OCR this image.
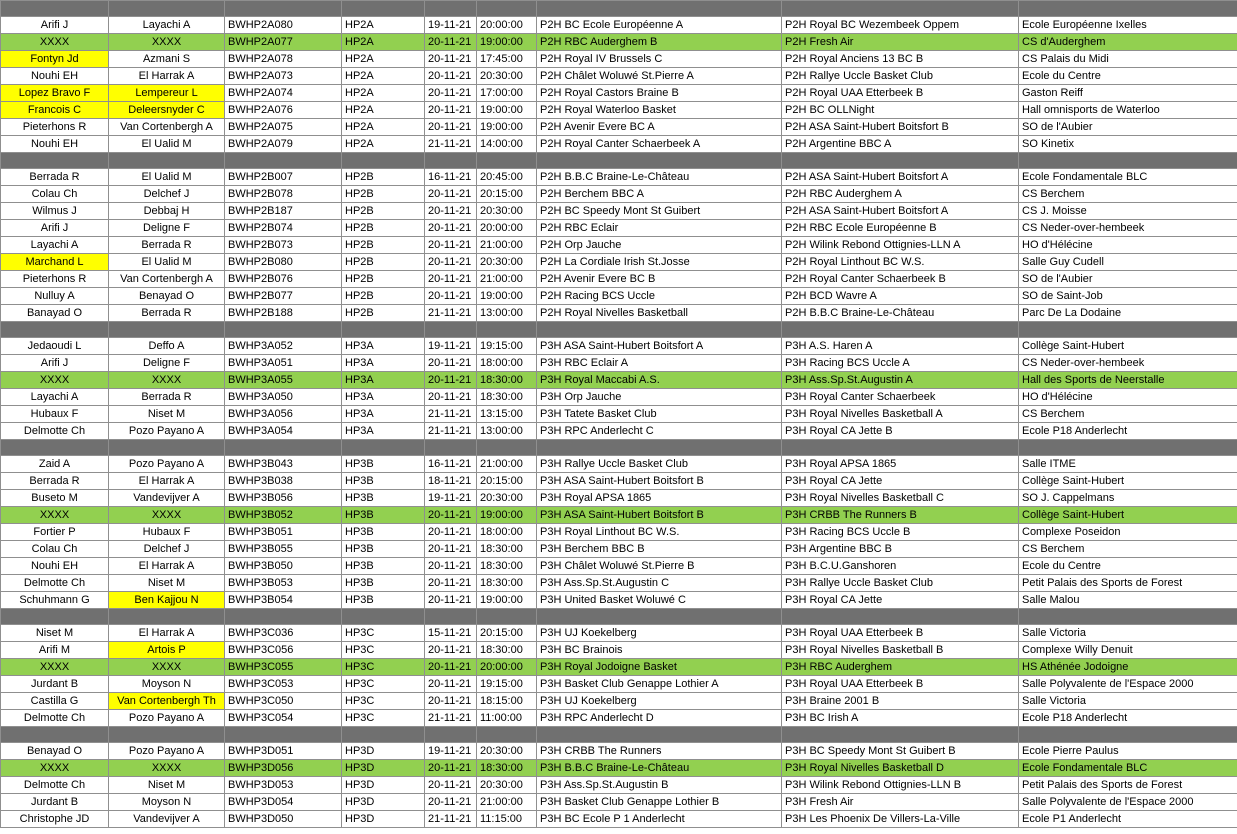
Arifi J	Layachi A	BWHP2A080	HP2A	19-11-21	20:00:00	P2H BC Ecole Européenne A	P2H Royal BC Wezembeek Oppem	Ecole Européenne Ixelles
XXXX	XXXX	BWHP2A077	HP2A	20-11-21	19:00:00	P2H RBC Auderghem B	P2H Fresh Air	CS d'Auderghem
Fontyn Jd	Azmani S	BWHP2A078	HP2A	20-11-21	17:45:00	P2H Royal IV Brussels C	P2H Royal Anciens 13 BC B	CS Palais du Midi
Nouhi EH	El Harrak A	BWHP2A073	HP2A	20-11-21	20:30:00	P2H Châlet Woluwé St.Pierre A	P2H Rallye Uccle Basket Club	Ecole du Centre
Lopez Bravo F	Lempereur L	BWHP2A074	HP2A	20-11-21	17:00:00	P2H Royal Castors Braine B	P2H Royal UAA Etterbeek B	Gaston Reiff
Francois C	Deleersnyder C	BWHP2A076	HP2A	20-11-21	19:00:00	P2H Royal Waterloo Basket	P2H BC OLLNight	Hall omnisports de Waterloo
Pieterhons R	Van Cortenbergh A	BWHP2A075	HP2A	20-11-21	19:00:00	P2H Avenir Evere BC A	P2H ASA Saint-Hubert Boitsfort B	SO de l'Aubier
Nouhi EH	El Ualid M	BWHP2A079	HP2A	21-11-21	14:00:00	P2H Royal Canter Schaerbeek A	P2H Argentine BBC A	SO Kinetix

Berrada R	El Ualid M	BWHP2B007	HP2B	16-11-21	20:45:00	P2H B.B.C Braine-Le-Château	P2H ASA Saint-Hubert Boitsfort A	Ecole Fondamentale BLC
Colau Ch	Delchef J	BWHP2B078	HP2B	20-11-21	20:15:00	P2H Berchem BBC A	P2H RBC Auderghem A	CS Berchem
Wilmus J	Debbaj H	BWHP2B187	HP2B	20-11-21	20:30:00	P2H BC Speedy Mont St Guibert	P2H ASA Saint-Hubert Boitsfort A	CS J. Moisse
Arifi J	Deligne F	BWHP2B074	HP2B	20-11-21	20:00:00	P2H RBC Eclair	P2H RBC Ecole Européenne B	CS Neder-over-hembeek
Layachi A	Berrada R	BWHP2B073	HP2B	20-11-21	21:00:00	P2H Orp Jauche	P2H Wilink Rebond Ottignies-LLN A	HO d'Hélécine
Marchand L	El Ualid M	BWHP2B080	HP2B	20-11-21	20:30:00	P2H La Cordiale Irish St.Josse	P2H Royal Linthout BC W.S.	Salle Guy Cudell
Pieterhons R	Van Cortenbergh A	BWHP2B076	HP2B	20-11-21	21:00:00	P2H Avenir Evere BC B	P2H Royal Canter Schaerbeek B	SO de l'Aubier
Nulluy A	Benayad O	BWHP2B077	HP2B	20-11-21	19:00:00	P2H Racing BCS Uccle	P2H BCD Wavre A	SO de Saint-Job
Banayad O	Berrada R	BWHP2B188	HP2B	21-11-21	13:00:00	P2H Royal Nivelles Basketball	P2H B.B.C Braine-Le-Château	Parc De La Dodaine

Jedaoudi L	Deffo A	BWHP3A052	HP3A	19-11-21	19:15:00	P3H ASA Saint-Hubert Boitsfort A	P3H A.S. Haren A	Collège Saint-Hubert
Arifi J	Deligne F	BWHP3A051	HP3A	20-11-21	18:00:00	P3H RBC Eclair A	P3H Racing BCS Uccle A	CS Neder-over-hembeek
XXXX	XXXX	BWHP3A055	HP3A	20-11-21	18:30:00	P3H Royal Maccabi A.S.	P3H Ass.Sp.St.Augustin A	Hall des Sports de Neerstalle
Layachi A	Berrada R	BWHP3A050	HP3A	20-11-21	18:30:00	P3H Orp Jauche	P3H Royal Canter Schaerbeek	HO d'Hélécine
Hubaux F	Niset M	BWHP3A056	HP3A	21-11-21	13:15:00	P3H Tatete Basket Club	P3H Royal Nivelles Basketball A	CS Berchem
Delmotte Ch	Pozo Payano A	BWHP3A054	HP3A	21-11-21	13:00:00	P3H RPC Anderlecht C	P3H Royal CA Jette B	Ecole P18 Anderlecht

Zaid A	Pozo Payano A	BWHP3B043	HP3B	16-11-21	21:00:00	P3H Rallye Uccle Basket Club	P3H Royal APSA 1865	Salle ITME
Berrada R	El Harrak A	BWHP3B038	HP3B	18-11-21	20:15:00	P3H ASA Saint-Hubert Boitsfort B	P3H Royal CA Jette	Collège Saint-Hubert
Buseto M	Vandevijver A	BWHP3B056	HP3B	19-11-21	20:30:00	P3H Royal APSA 1865	P3H Royal Nivelles Basketball C	SO J. Cappelmans
XXXX	XXXX	BWHP3B052	HP3B	20-11-21	19:00:00	P3H ASA Saint-Hubert Boitsfort B	P3H CRBB The Runners B	Collège Saint-Hubert
Fortier P	Hubaux F	BWHP3B051	HP3B	20-11-21	18:00:00	P3H Royal Linthout BC W.S.	P3H Racing BCS Uccle B	Complexe Poseidon
Colau Ch	Delchef J	BWHP3B055	HP3B	20-11-21	18:30:00	P3H Berchem BBC B	P3H Argentine BBC B	CS Berchem
Nouhi EH	El Harrak A	BWHP3B050	HP3B	20-11-21	18:30:00	P3H Châlet Woluwé St.Pierre B	P3H B.C.U.Ganshoren	Ecole du Centre
Delmotte Ch	Niset M	BWHP3B053	HP3B	20-11-21	18:30:00	P3H Ass.Sp.St.Augustin C	P3H Rallye Uccle Basket Club	Petit Palais des Sports de Forest
Schuhmann G	Ben Kajjou N	BWHP3B054	HP3B	20-11-21	19:00:00	P3H United Basket Woluwé C	P3H Royal CA Jette	Salle Malou

Niset M	El Harrak A	BWHP3C036	HP3C	15-11-21	20:15:00	P3H UJ Koekelberg	P3H Royal UAA Etterbeek B	Salle Victoria
Arifi M	Artois P	BWHP3C056	HP3C	20-11-21	18:30:00	P3H BC Brainois	P3H Royal Nivelles Basketball B	Complexe Willy Denuit
XXXX	XXXX	BWHP3C055	HP3C	20-11-21	20:00:00	P3H Royal Jodoigne Basket	P3H RBC Auderghem	HS Athénée Jodoigne
Jurdant B	Moyson N	BWHP3C053	HP3C	20-11-21	19:15:00	P3H Basket Club Genappe Lothier A	P3H Royal UAA Etterbeek B	Salle Polyvalente de l'Espace 2000
Castilla G	Van Cortenbergh Th	BWHP3C050	HP3C	20-11-21	18:15:00	P3H UJ Koekelberg	P3H Braine 2001 B	Salle Victoria
Delmotte Ch	Pozo Payano A	BWHP3C054	HP3C	21-11-21	11:00:00	P3H RPC Anderlecht D	P3H BC Irish A	Ecole P18 Anderlecht

Benayad O	Pozo Payano A	BWHP3D051	HP3D	19-11-21	20:30:00	P3H CRBB The Runners	P3H BC Speedy Mont St Guibert B	Ecole Pierre Paulus
XXXX	XXXX	BWHP3D056	HP3D	20-11-21	18:30:00	P3H B.B.C Braine-Le-Château	P3H Royal Nivelles Basketball D	Ecole Fondamentale BLC
Delmotte Ch	Niset M	BWHP3D053	HP3D	20-11-21	20:30:00	P3H Ass.Sp.St.Augustin B	P3H Wilink Rebond Ottignies-LLN B	Petit Palais des Sports de Forest
Jurdant B	Moyson N	BWHP3D054	HP3D	20-11-21	21:00:00	P3H Basket Club Genappe Lothier B	P3H Fresh Air	Salle Polyvalente de l'Espace 2000
Christophe JD	Vandevijver A	BWHP3D050	HP3D	21-11-21	11:15:00	P3H BC Ecole P 1 Anderlecht	P3H Les Phoenix De Villers-La-Ville	Ecole P1 Anderlecht
